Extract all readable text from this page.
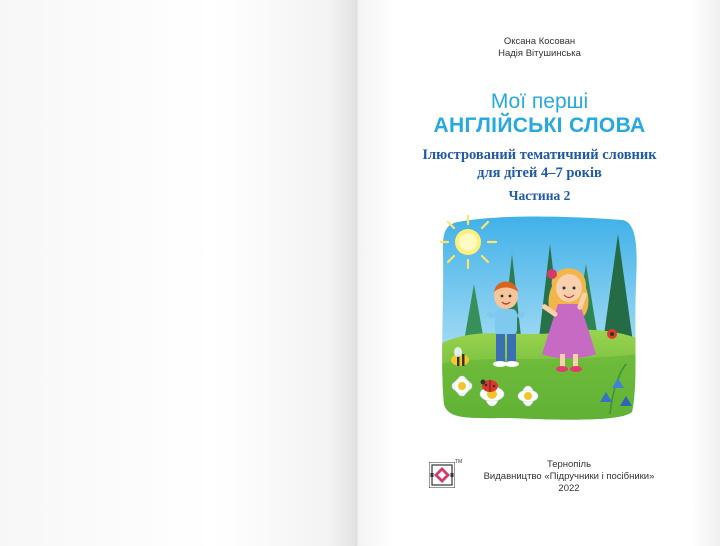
Оксана Косован
Надія Вітушинська
Мої перші
АНГЛІЙСЬКІ СЛОВА
Ілюстрований тематичний словник
для дітей 4–7 років
Частина 2
ТМ	Тернопіль
Видавництво «Підручники і посібники»
2022
